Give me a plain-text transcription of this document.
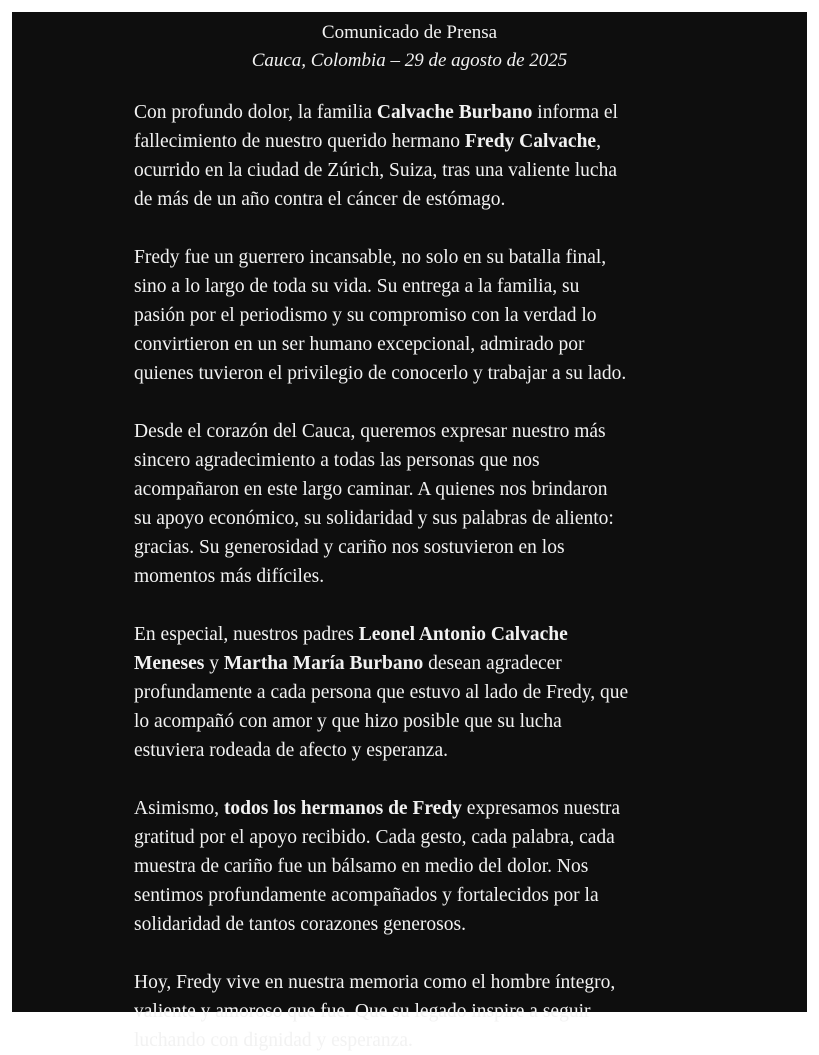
Comunicado de Prensa

Cauca, Colombia – 29 de agosto de 2025

Con profundo dolor, la familia Calvache Burbano informa el
fallecimiento de nuestro querido hermano Fredy Calvache,
ocurrido en la ciudad de Zúrich, Suiza, tras una valiente lucha
de más de un año contra el cáncer de estómago.

Fredy fue un guerrero incansable, no solo en su batalla final,
sino a lo largo de toda su vida. Su entrega a la familia, su
pasión por el periodismo y su compromiso con la verdad lo
convirtieron en un ser humano excepcional, admirado por
quienes tuvieron el privilegio de conocerlo y trabajar a su lado.

Desde el corazón del Cauca, queremos expresar nuestro más
sincero agradecimiento a todas las personas que nos
acompañaron en este largo caminar. A quienes nos brindaron
su apoyo económico, su solidaridad y sus palabras de aliento:
gracias. Su generosidad y cariño nos sostuvieron en los
momentos más difíciles.

En especial, nuestros padres Leonel Antonio Calvache
Meneses y Martha María Burbano desean agradecer
profundamente a cada persona que estuvo al lado de Fredy, que
lo acompañó con amor y que hizo posible que su lucha
estuviera rodeada de afecto y esperanza.

Asimismo, todos los hermanos de Fredy expresamos nuestra
gratitud por el apoyo recibido. Cada gesto, cada palabra, cada
muestra de cariño fue un bálsamo en medio del dolor. Nos
sentimos profundamente acompañados y fortalecidos por la
solidaridad de tantos corazones generosos.

Hoy, Fredy vive en nuestra memoria como el hombre íntegro,
valiente y amoroso que fue. Que su legado inspire a seguir
luchando con dignidad y esperanza.
